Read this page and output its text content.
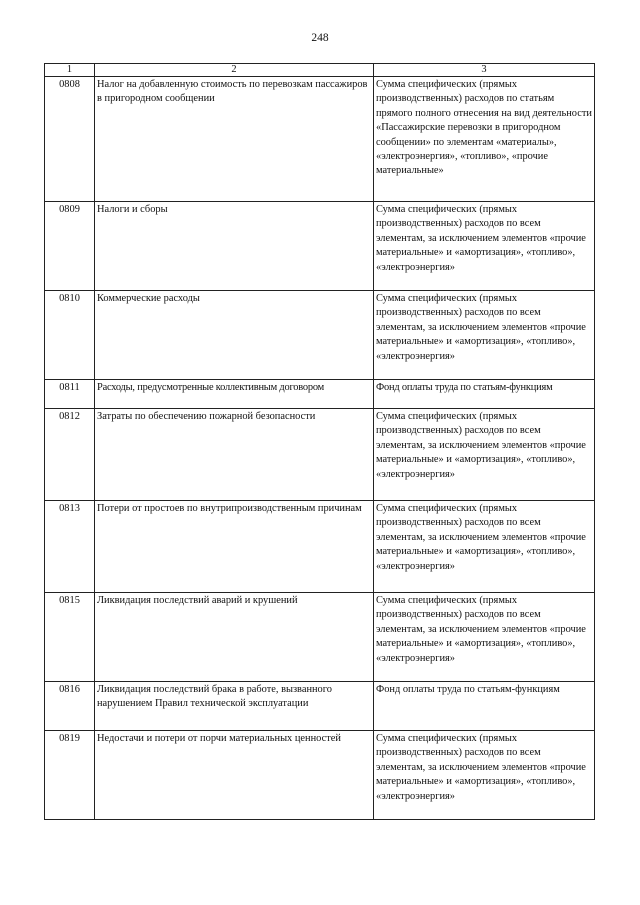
248
1	2	3
0808	Налог на добавленную стоимость по перевозкам пассажиров в пригородном сообщении	Сумма специфических (прямых производственных) расходов по статьям прямого полного отнесения на вид деятельности «Пассажирские перевозки в пригородном сообщении» по элементам «материалы», «электроэнергия», «топливо», «прочие материальные»
0809	Налоги и сборы	Сумма специфических (прямых производственных) расходов по всем элементам, за исключением элементов «прочие материальные» и «амортизация», «топливо», «электроэнергия»
0810	Коммерческие расходы	Сумма специфических (прямых производственных) расходов по всем элементам, за исключением элементов «прочие материальные» и «амортизация», «топливо», «электроэнергия»
0811	Расходы, предусмотренные коллективным договором	Фонд оплаты труда по статьям-функциям
0812	Затраты по обеспечению пожарной безопасности	Сумма специфических (прямых производственных) расходов по всем элементам, за исключением элементов «прочие материальные» и «амортизация», «топливо», «электроэнергия»
0813	Потери от простоев по внутрипроизводственным причинам	Сумма специфических (прямых производственных) расходов по всем элементам, за исключением элементов «прочие материальные» и «амортизация», «топливо», «электроэнергия»
0815	Ликвидация последствий аварий и крушений	Сумма специфических (прямых производственных) расходов по всем элементам, за исключением элементов «прочие материальные» и «амортизация», «топливо», «электроэнергия»
0816	Ликвидация последствий брака в работе, вызванного нарушением Правил технической эксплуатации	Фонд оплаты труда по статьям-функциям
0819	Недостачи и потери от порчи материальных ценностей	Сумма специфических (прямых производственных) расходов по всем элементам, за исключением элементов «прочие материальные» и «амортизация», «топливо», «электроэнергия»
